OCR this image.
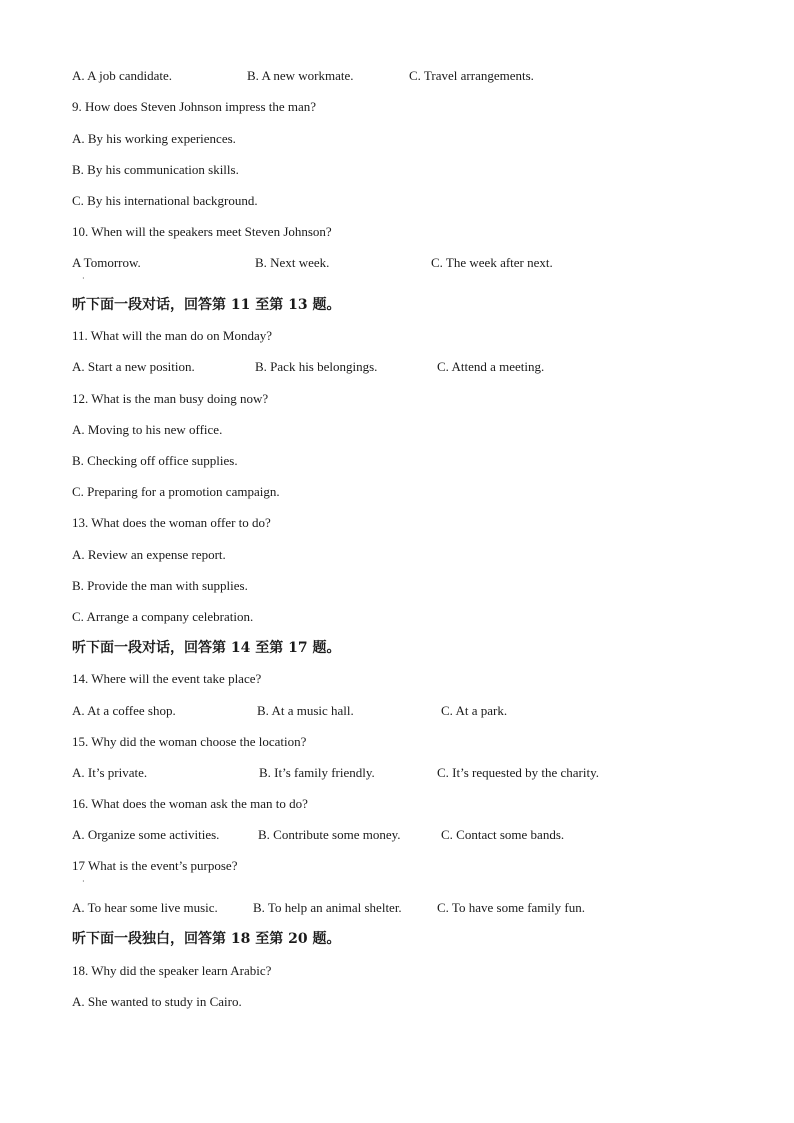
A. A job candidate.	B. A new workmate.	C. Travel arrangements.
9. How does Steven Johnson impress the man?
A. By his working experiences.
B. By his communication skills.
C. By his international background.
10. When will the speakers meet Steven Johnson?
A Tomorrow.
·
B. Next week.	C. The week after next.
听下面一段对话，回答第 11 至第 13 题。
11. What will the man do on Monday?
A. Start a new position.	B. Pack his belongings.	C. Attend a meeting.
12. What is the man busy doing now?
A. Moving to his new office.
B. Checking off office supplies.
C. Preparing for a promotion campaign.
13. What does the woman offer to do?
A. Review an expense report.
B. Provide the man with supplies.
C. Arrange a company celebration.
听下面一段对话，回答第 14 至第 17 题。
14. Where will the event take place?
A. At a coffee shop.	B. At a music hall.	C. At a park.
15. Why did the woman choose the location?
A. It’s private.	B. It’s family friendly.	C. It’s requested by the charity.
16. What does the woman ask the man to do?
A. Organize some activities.	B. Contribute some money.	C. Contact some bands.
17 What is the event’s purpose?
·
A. To hear some live music.	B. To help an animal shelter.	C. To have some family fun.
听下面一段独白，回答第 18 至第 20 题。
18. Why did the speaker learn Arabic?
A. She wanted to study in Cairo.
